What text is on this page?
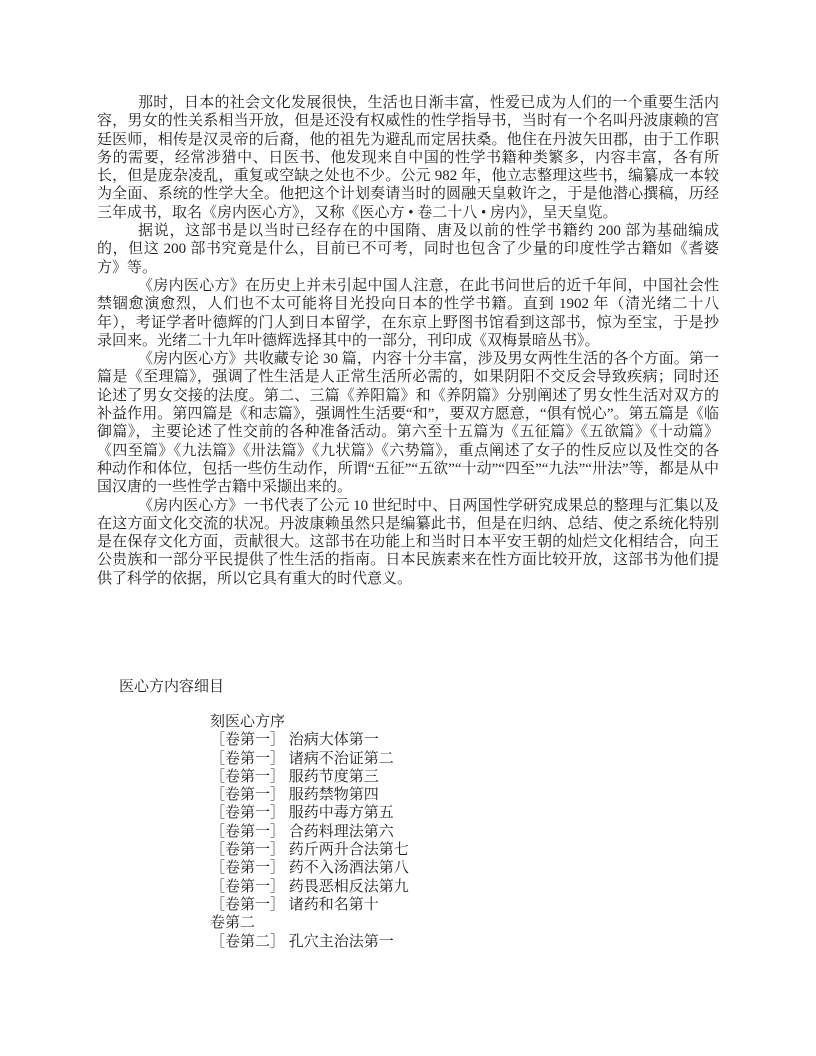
那时，日本的社会文化发展很快，生活也日渐丰富，性爱已成为人们的一个重要生活内容，男女的性关系相当开放，但是还没有权威性的性学指导书，当时有一个名叫丹波康赖的宫廷医师，相传是汉灵帝的后裔，他的祖先为避乱而定居扶桑。他住在丹波矢田郡，由于工作职务的需要，经常涉猎中、日医书、他发现来自中国的性学书籍种类繁多，内容丰富，各有所长，但是庞杂凌乱，重复或空缺之处也不少。公元 982 年，他立志整理这些书，编纂成一本较为全面、系统的性学大全。他把这个计划奏请当时的圆融天皇敕许之，于是他潜心撰稿，历经三年成书，取名《房内医心方》，又称《医心方 • 卷二十八 • 房内》，呈天皇览。

据说，这部书是以当时已经存在的中国隋、唐及以前的性学书籍约 200 部为基础编成的，但这 200 部书究竟是什么，目前已不可考，同时也包含了少量的印度性学古籍如《耆婆方》等。

《房内医心方》在历史上并未引起中国人注意，在此书问世后的近千年间，中国社会性禁锢愈演愈烈，人们也不太可能将目光投向日本的性学书籍。直到 1902 年（清光绪二十八年），考证学者叶德辉的门人到日本留学，在东京上野图书馆看到这部书，惊为至宝，于是抄录回来。光绪二十九年叶德辉选择其中的一部分，刊印成《双梅景暗丛书》。

《房内医心方》共收藏专论 30 篇，内容十分丰富，涉及男女两性生活的各个方面。第一篇是《至理篇》，强调了性生活是人正常生活所必需的，如果阴阳不交反会导致疾病；同时还论述了男女交接的法度。第二、三篇《养阳篇》和《养阴篇》分别阐述了男女性生活对双方的补益作用。第四篇是《和志篇》，强调性生活要“和”，要双方愿意，“俱有悦心”。第五篇是《临御篇》，主要论述了性交前的各种准备活动。第六至十五篇为《五征篇》《五欲篇》《十动篇》《四至篇》《九法篇》《卅法篇》《九状篇》《六势篇》，重点阐述了女子的性反应以及性交的各种动作和体位，包括一些仿生动作，所谓“五征”“五欲”“十动”“四至”“九法”“卅法”等，都是从中国汉唐的一些性学古籍中采撷出来的。

《房内医心方》一书代表了公元 10 世纪时中、日两国性学研究成果总的整理与汇集以及在这方面文化交流的状况。丹波康赖虽然只是编纂此书，但是在归纳、总结、使之系统化特别是在保存文化方面，贡献很大。这部书在功能上和当时日本平安王朝的灿烂文化相结合，向王公贵族和一部分平民提供了性生活的指南。日本民族素来在性方面比较开放，这部书为他们提供了科学的依据，所以它具有重大的时代意义。

医心方内容细目
刻医心方序
［卷第一］ 治病大体第一
［卷第一］ 诸病不治证第二
［卷第一］ 服药节度第三
［卷第一］ 服药禁物第四
［卷第一］ 服药中毒方第五
［卷第一］ 合药料理法第六
［卷第一］ 药斤两升合法第七
［卷第一］ 药不入汤酒法第八
［卷第一］ 药畏恶相反法第九
［卷第一］ 诸药和名第十
卷第二
［卷第二］ 孔穴主治法第一
